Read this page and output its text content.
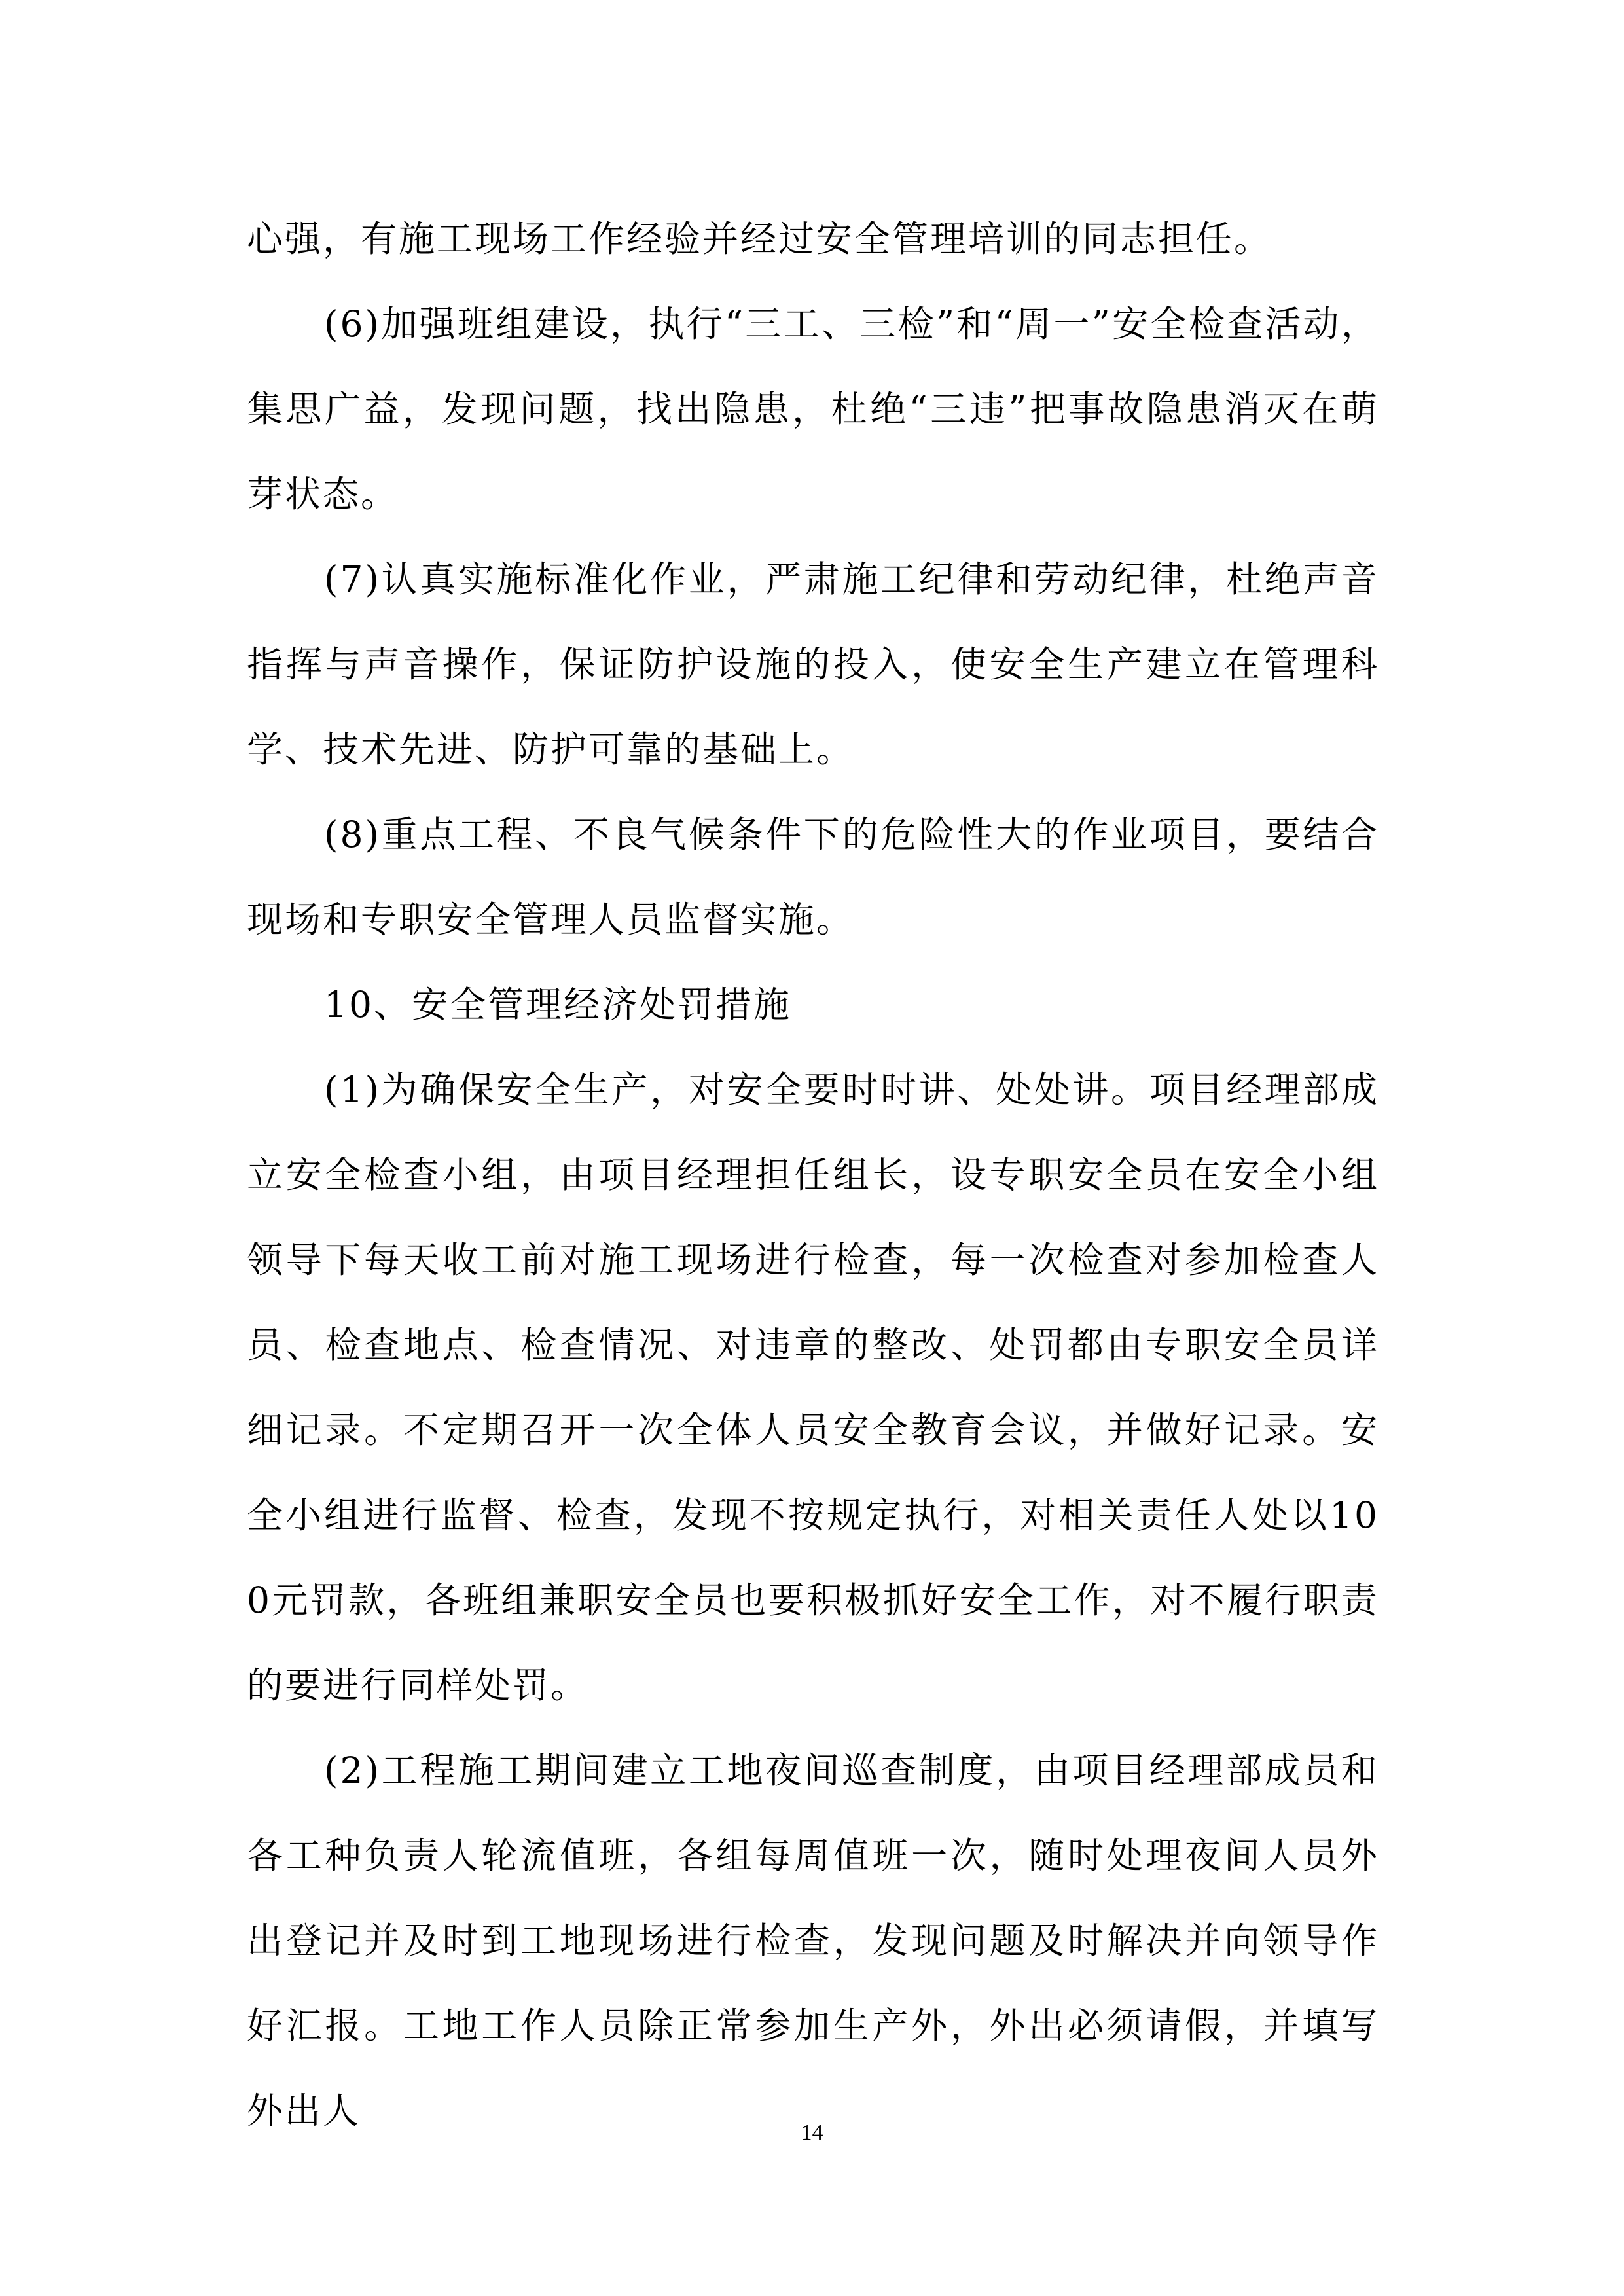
心强，有施工现场工作经验并经过安全管理培训的同志担任。

(6)加强班组建设，执行“三工、三检”和“周一”安全检查活动，集思广益，发现问题，找出隐患，杜绝“三违”把事故隐患消灭在萌芽状态。

(7)认真实施标准化作业，严肃施工纪律和劳动纪律，杜绝声音指挥与声音操作，保证防护设施的投入，使安全生产建立在管理科学、技术先进、防护可靠的基础上。

(8)重点工程、不良气候条件下的危险性大的作业项目，要结合现场和专职安全管理人员监督实施。

10、安全管理经济处罚措施

(1)为确保安全生产，对安全要时时讲、处处讲。项目经理部成立安全检查小组，由项目经理担任组长，设专职安全员在安全小组领导下每天收工前对施工现场进行检查，每一次检查对参加检查人员、检查地点、检查情况、对违章的整改、处罚都由专职安全员详细记录。不定期召开一次全体人员安全教育会议，并做好记录。安全小组进行监督、检查，发现不按规定执行，对相关责任人处以100元罚款，各班组兼职安全员也要积极抓好安全工作，对不履行职责的要进行同样处罚。

(2)工程施工期间建立工地夜间巡查制度，由项目经理部成员和各工种负责人轮流值班，各组每周值班一次，随时处理夜间人员外出登记并及时到工地现场进行检查，发现问题及时解决并向领导作好汇报。工地工作人员除正常参加生产外，外出必须请假，并填写外出人

14
